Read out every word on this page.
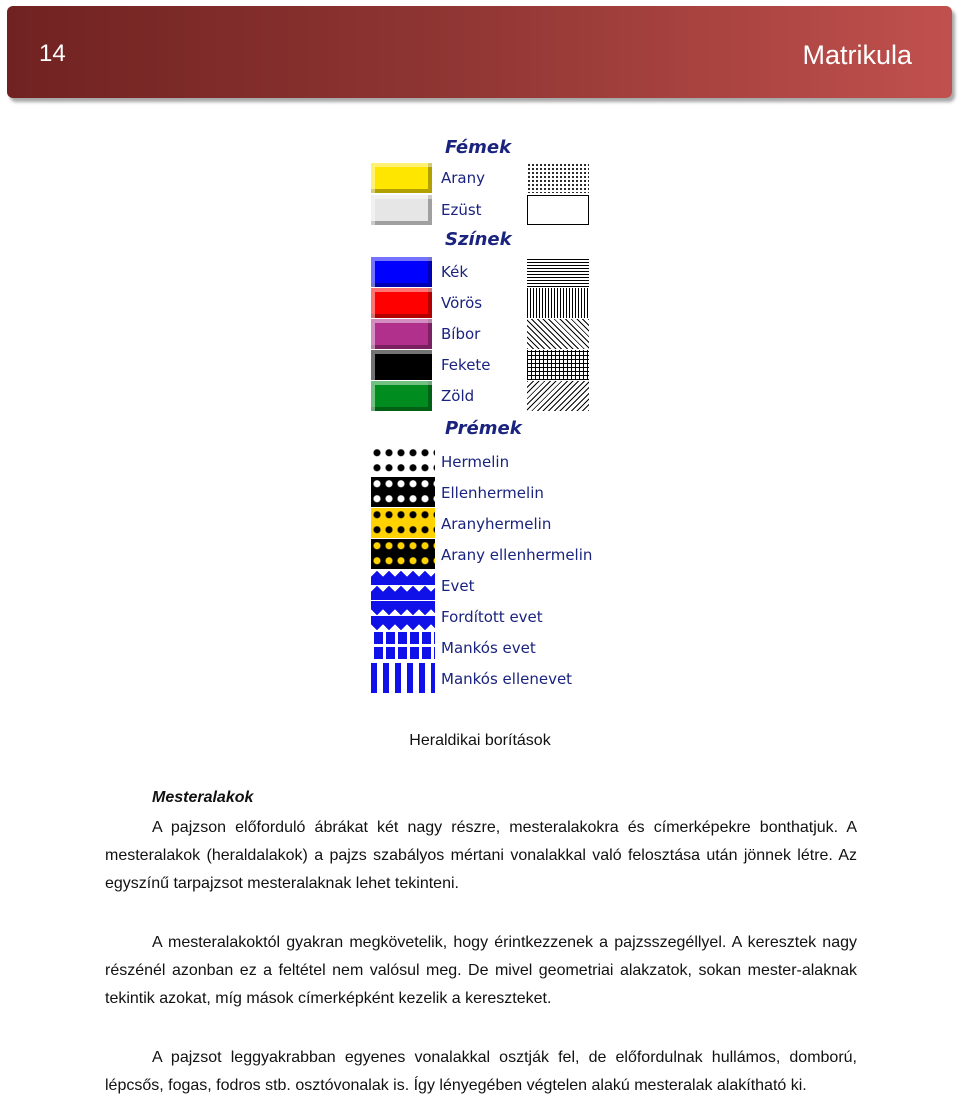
14	Matrikula
Fémek
Színek
Prémek
Arany
Ezüst
Kék
Vörös
Bíbor
Fekete
Zöld
Hermelin
Ellenhermelin
Aranyhermelin
Arany ellenhermelin
Evet
Fordított evet
Mankós evet
Mankós ellenevet
Heraldikai borítások
Mesteralakok

A pajzson előforduló ábrákat két nagy részre, mesteralakokra és címerképekre bonthatjuk. A mesteralakok (heraldalakok) a pajzs szabályos mértani vonalakkal való felosztása után jönnek létre. Az egyszínű tarpajzsot mesteralaknak lehet tekinteni.

A mesteralakoktól gyakran megkövetelik, hogy érintkezzenek a pajzsszegéllyel. A keresztek nagy részénél azonban ez a feltétel nem valósul meg. De mivel geometriai alakzatok, sokan mester-alaknak tekintik azokat, míg mások címerképként kezelik a kereszteket.

A pajzsot leggyakrabban egyenes vonalakkal osztják fel, de előfordulnak hullámos, domború, lépcsős, fogas, fodros stb. osztóvonalak is. Így lényegében végtelen alakú mesteralak alakítható ki.
